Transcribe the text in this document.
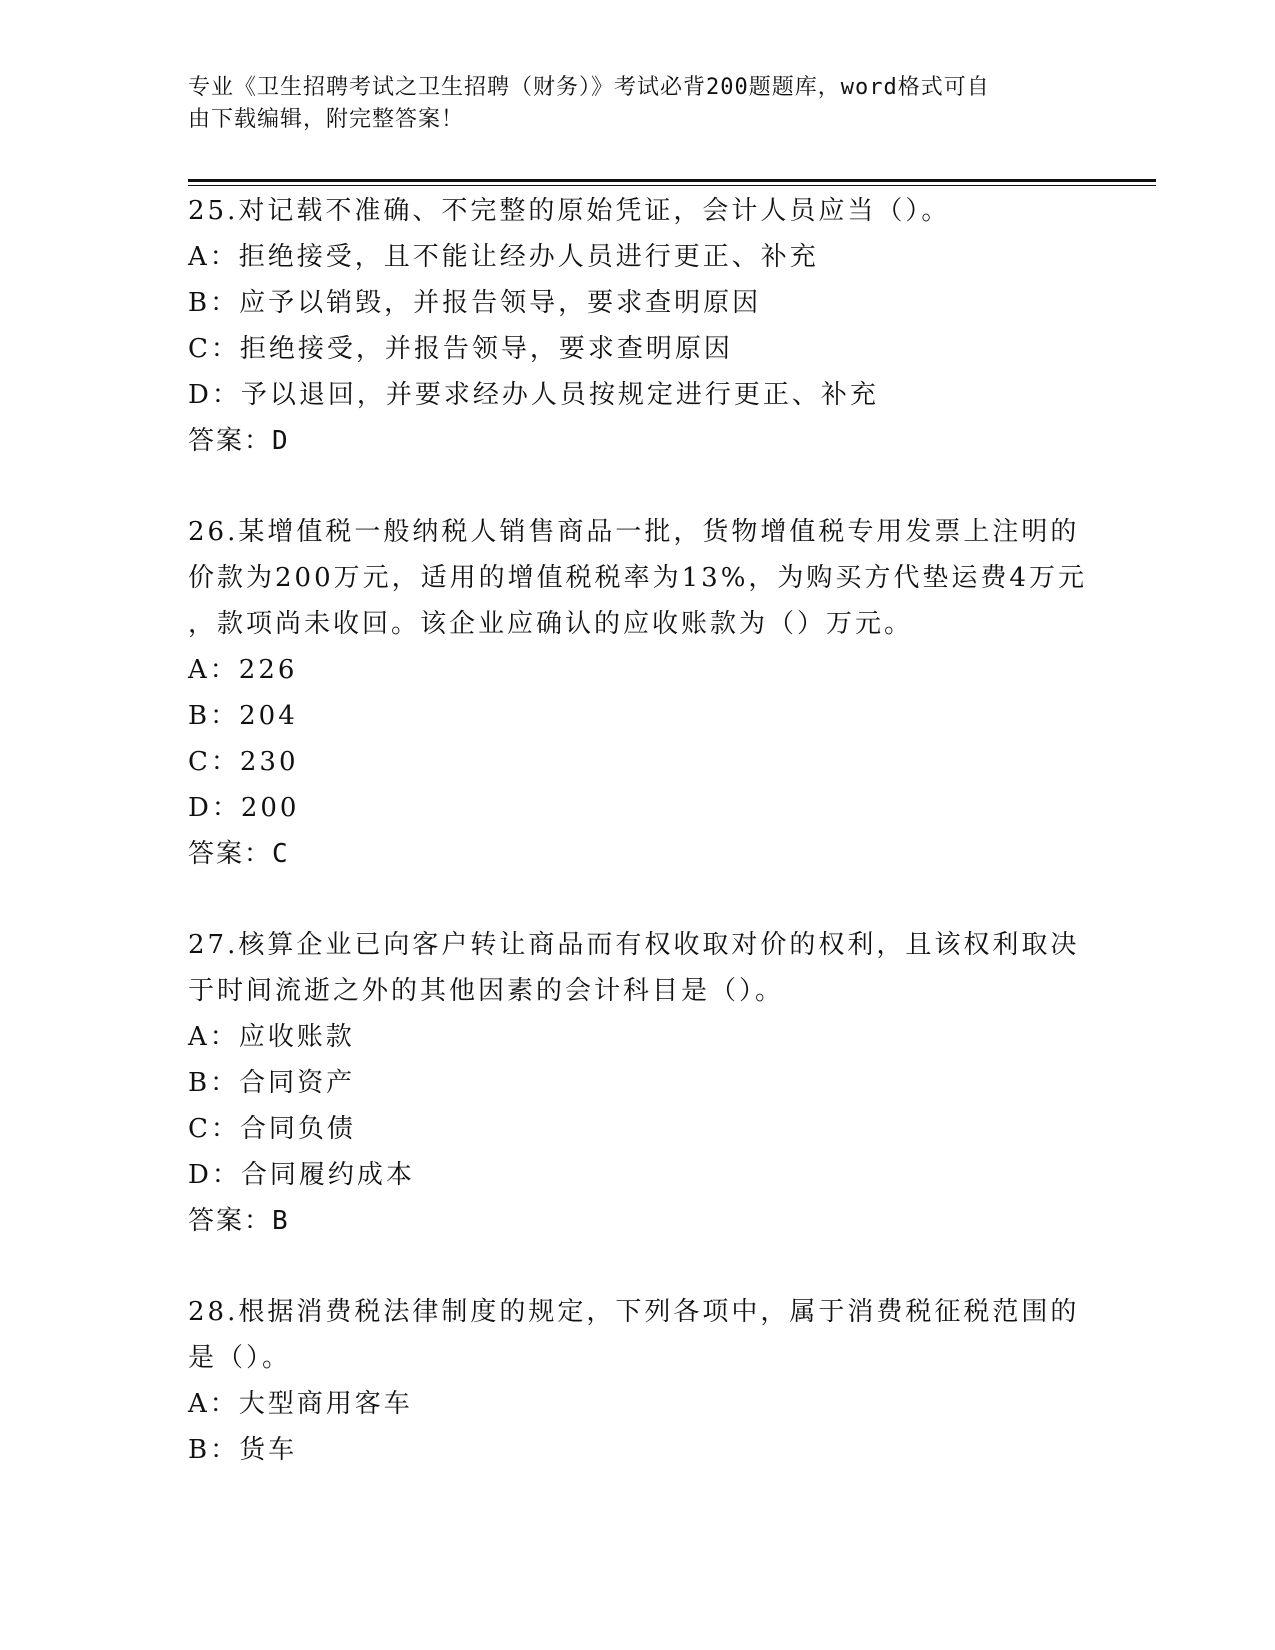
专业《卫生招聘考试之卫生招聘（财务）》考试必背200题题库，word格式可自
由下载编辑，附完整答案！
25.对记载不准确、不完整的原始凭证，会计人员应当（）。
A：拒绝接受，且不能让经办人员进行更正、补充
B：应予以销毁，并报告领导，要求查明原因
C：拒绝接受，并报告领导，要求查明原因
D：予以退回，并要求经办人员按规定进行更正、补充
答案：D
26.某增值税一般纳税人销售商品一批，货物增值税专用发票上注明的
价款为200万元，适用的增值税税率为13%，为购买方代垫运费4万元
，款项尚未收回。该企业应确认的应收账款为（）万元。
A：226
B：204
C：230
D：200
答案：C
27.核算企业已向客户转让商品而有权收取对价的权利，且该权利取决
于时间流逝之外的其他因素的会计科目是（）。
A：应收账款
B：合同资产
C：合同负债
D：合同履约成本
答案：B
28.根据消费税法律制度的规定，下列各项中，属于消费税征税范围的
是（）。
A：大型商用客车
B：货车
